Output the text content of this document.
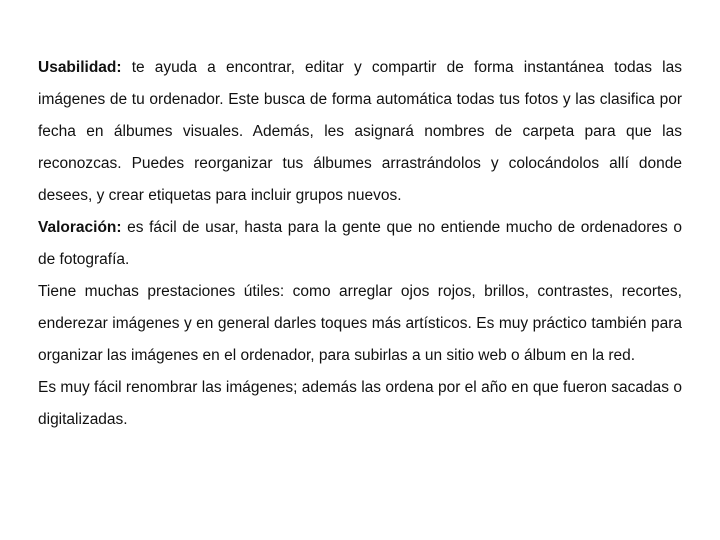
Usabilidad: te ayuda a encontrar, editar y compartir de forma instantánea todas las imágenes de tu ordenador. Este busca de forma automática todas tus fotos y las clasifica por fecha en álbumes visuales. Además, les asignará nombres de carpeta para que las reconozcas. Puedes reorganizar tus álbumes arrastrándolos y colocándolos allí donde desees, y crear etiquetas para incluir grupos nuevos.

Valoración: es fácil de usar, hasta para la gente que no entiende mucho de ordenadores o de fotografía.

Tiene muchas prestaciones útiles: como arreglar ojos rojos, brillos, contrastes, recortes, enderezar imágenes y en general darles toques más artísticos. Es muy práctico también para organizar las imágenes en el ordenador, para subirlas a un sitio web o álbum en la red.

Es muy fácil renombrar las imágenes; además las ordena por el año en que fueron sacadas o digitalizadas.
